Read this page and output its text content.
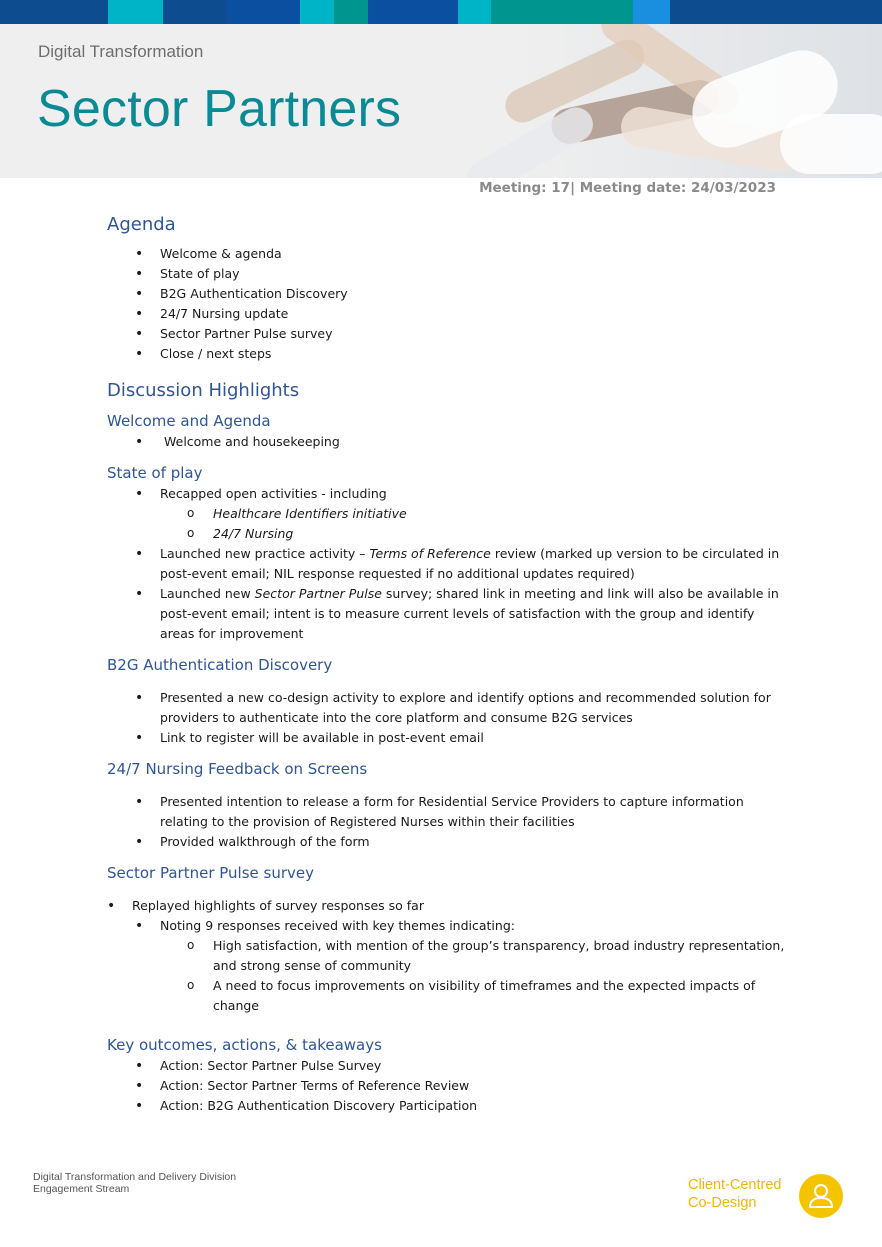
Digital Transformation
Sector Partners
Meeting: 17| Meeting date: 24/03/2023
Agenda
• Welcome & agenda
• State of play
• B2G Authentication Discovery
• 24/7 Nursing update
• Sector Partner Pulse survey
• Close / next steps
Discussion Highlights
Welcome and Agenda
• Welcome and housekeeping
State of play
• Recapped open activities - including
o Healthcare Identifiers initiative
o 24/7 Nursing
• Launched new practice activity – Terms of Reference review (marked up version to be circulated in post-event email; NIL response requested if no additional updates required)
• Launched new Sector Partner Pulse survey; shared link in meeting and link will also be available in post-event email; intent is to measure current levels of satisfaction with the group and identify areas for improvement
B2G Authentication Discovery
• Presented a new co-design activity to explore and identify options and recommended solution for providers to authenticate into the core platform and consume B2G services
• Link to register will be available in post-event email
24/7 Nursing Feedback on Screens
• Presented intention to release a form for Residential Service Providers to capture information relating to the provision of Registered Nurses within their facilities
• Provided walkthrough of the form
Sector Partner Pulse survey
• Replayed highlights of survey responses so far
• Noting 9 responses received with key themes indicating:
o High satisfaction, with mention of the group’s transparency, broad industry representation, and strong sense of community
o A need to focus improvements on visibility of timeframes and the expected impacts of change
Key outcomes, actions, & takeaways
• Action: Sector Partner Pulse Survey
• Action: Sector Partner Terms of Reference Review
• Action: B2G Authentication Discovery Participation
Digital Transformation and Delivery Division
Engagement Stream	Client-Centred
Co-Design
